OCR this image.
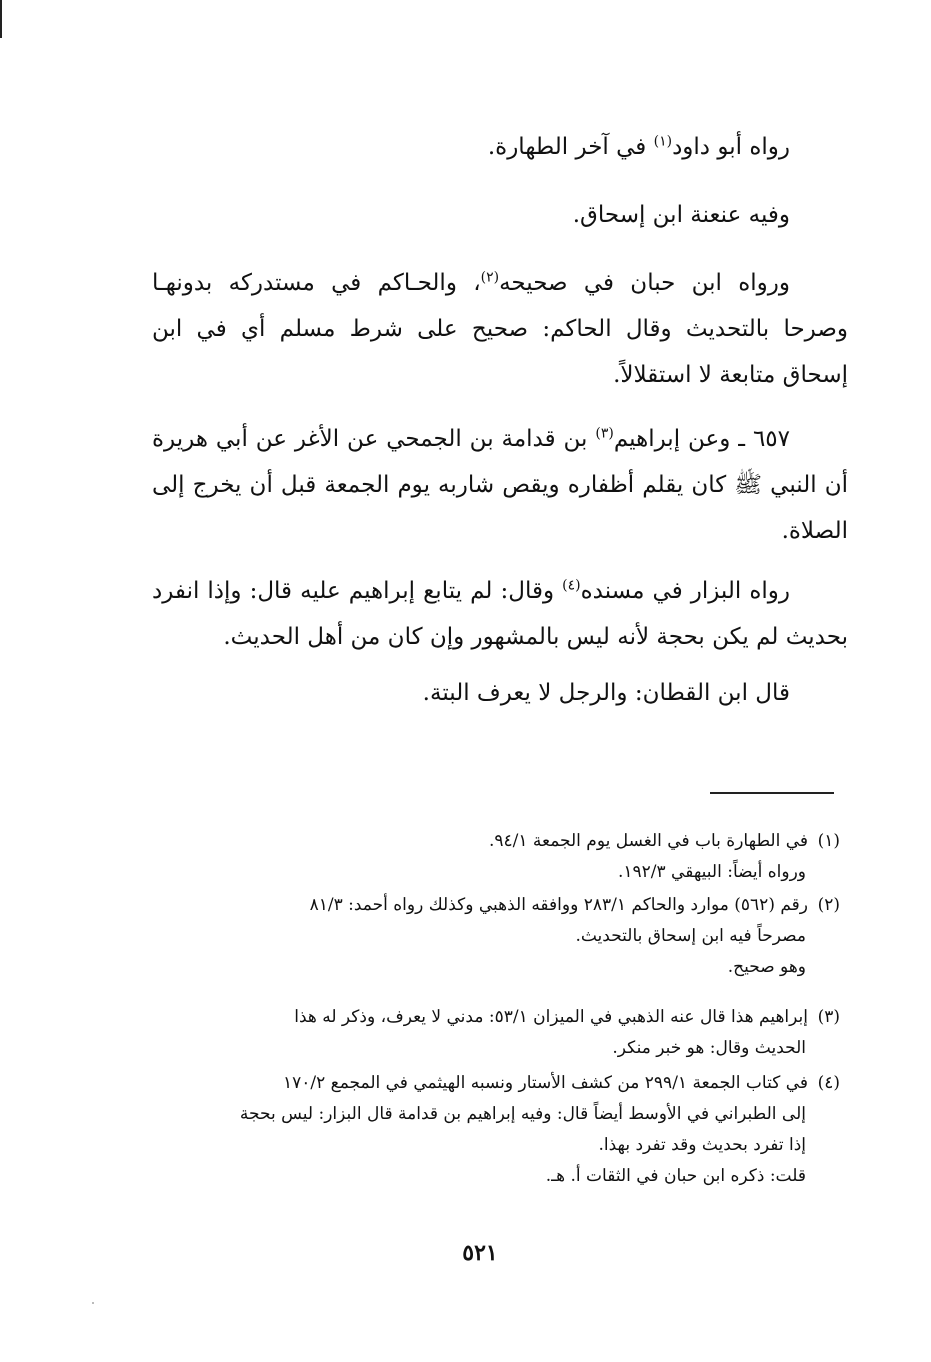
رواه أبو داود$^{(١)}$ في آخر الطهارة.

وفيه عنعنة ابن إسحاق.

ورواه ابن حبان في صحيحه$^{(٢)}$، والحـاكم في مستدركه بدونهـا وصرحا بالتحديث وقال الحاكم: صحيح على شرط مسلم أي في ابن إسحاق متابعة لا استقلالاً.

٦٥٧ ـ وعن إبراهيم$^{(٣)}$ بن قدامة بن الجمحي عن الأغر عن أبي هريرة أن النبي ﷺ كان يقلم أظفاره ويقص شاربه يوم الجمعة قبل أن يخرج إلى الصلاة.

رواه البزار في مسنده$^{(٤)}$ وقال: لم يتابع إبراهيم عليه قال: وإذا انفرد بحديث لم يكن بحجة لأنه ليس بالمشهور وإن كان من أهل الحديث.

قال ابن القطان: والرجل لا يعرف البتة.

(١)في الطهارة باب في الغسل يوم الجمعة ٩٤/١.
ورواه أيضاً: البيهقي ١٩٢/٣.
(٢)رقم (٥٦٢) موارد والحاكم ٢٨٣/١ ووافقه الذهبي وكذلك رواه أحمد: ٨١/٣
مصرحاً فيه ابن إسحاق بالتحديث.
وهو صحيح.
(٣)إبراهيم هذا قال عنه الذهبي في الميزان ٥٣/١: مدني لا يعرف، وذكر له هذا
الحديث وقال: هو خبر منكر.
(٤)في كتاب الجمعة ٢٩٩/١ من كشف الأستار ونسبه الهيثمي في المجمع ١٧٠/٢
إلى الطبراني في الأوسط أيضاً قال: وفيه إبراهيم بن قدامة قال البزار: ليس بحجة
إذا تفرد بحديث وقد تفرد بهذا.
قلت: ذكره ابن حبان في الثقات أ. هـ.
٥٢١
